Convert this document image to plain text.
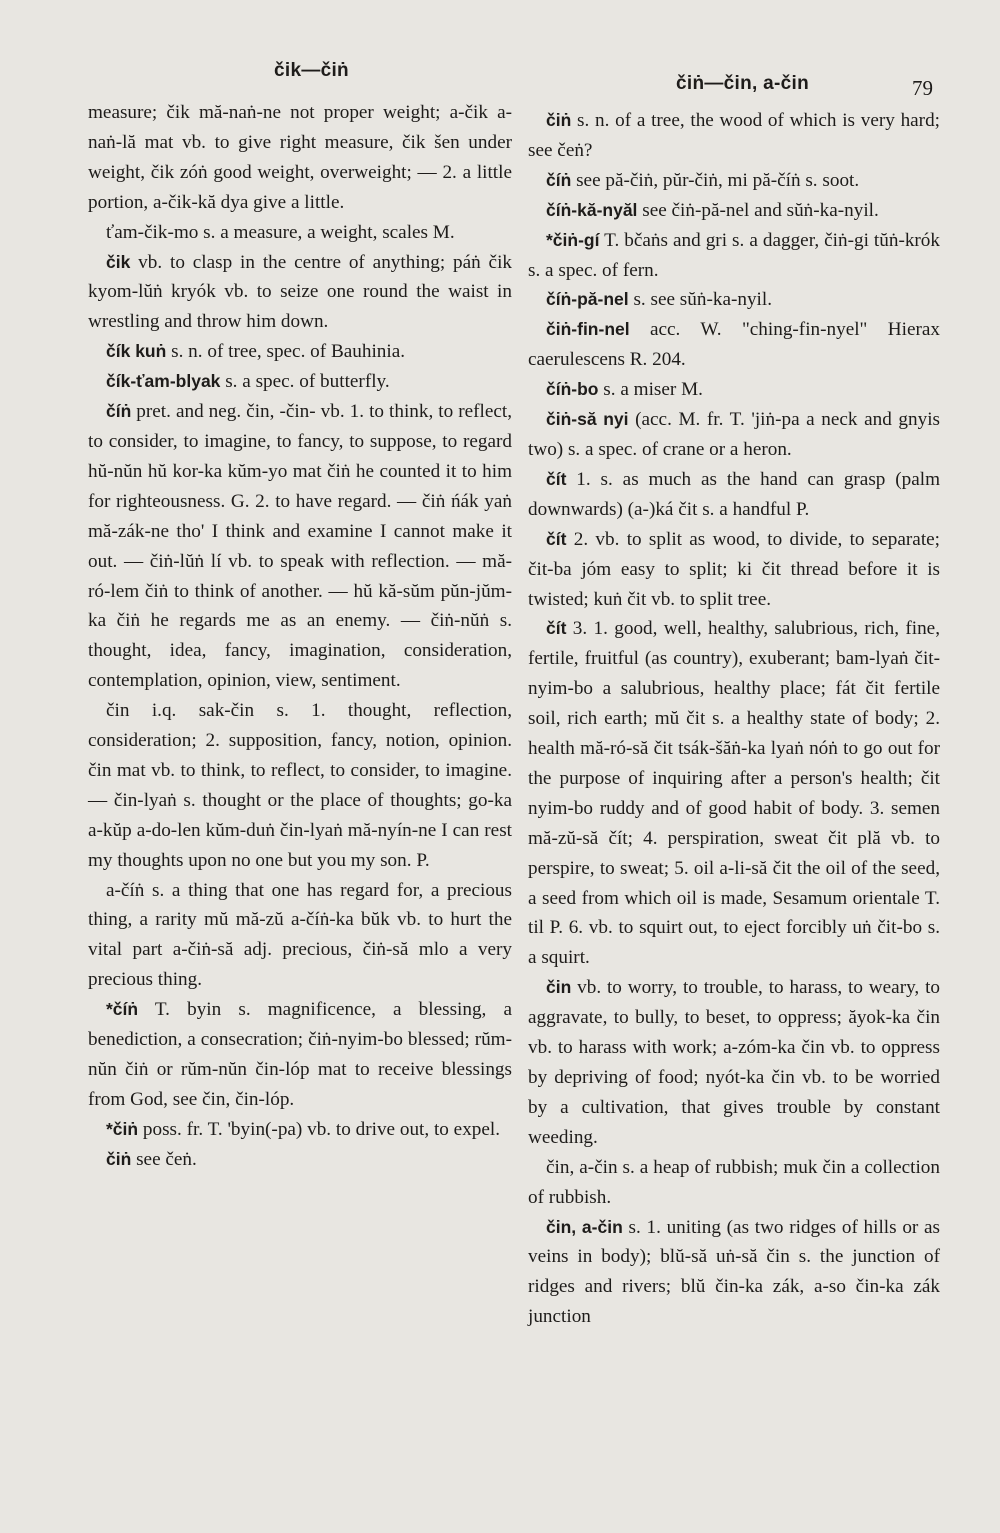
čik—čiṅ
čiṅ—čin, a-čin	79

measure; čik mă-naṅ-ne not proper weight; a-čik a-naṅ-lă mat vb. to give right measure, čik šen under weight, čik zóṅ good weight, overweight; — 2. a little portion, a-čik-kă dya give a little.

ťam-čik-mo s. a measure, a weight, scales M.

čik vb. to clasp in the centre of anything; páṅ čik kyom-lŭṅ kryók vb. to seize one round the waist in wrestling and throw him down.

čík kuṅ s. n. of tree, spec. of Bauhinia.

čík-ťam-blyak s. a spec. of butterfly.

číṅ pret. and neg. čin, -čin- vb. 1. to think, to reflect, to consider, to imagine, to fancy, to suppose, to regard hŭ-nŭn hŭ kor-ka kŭm-yo mat čiṅ he counted it to him for righteousness. G. 2. to have regard. — čiṅ ńák yaṅ mă-zák-ne tho' I think and examine I cannot make it out. — čiṅ-lŭṅ lí vb. to speak with reflection. — mă-ró-lem čiṅ to think of another. — hŭ kă-sŭm pŭn-jŭm-ka čiṅ he regards me as an enemy. — čiṅ-nŭṅ s. thought, idea, fancy, imagination, consideration, contemplation, opinion, view, sentiment.

čin i.q. sak-čin s. 1. thought, reflection, consideration; 2. supposition, fancy, notion, opinion. čin mat vb. to think, to reflect, to consider, to imagine. — čin-lyaṅ s. thought or the place of thoughts; go-ka a-kŭp a-do-len kŭm-duṅ čin-lyaṅ mă-nyín-ne I can rest my thoughts upon no one but you my son. P.

a-číṅ s. a thing that one has regard for, a precious thing, a rarity mŭ mă-zŭ a-číṅ-ka bŭk vb. to hurt the vital part a-čiṅ-să adj. precious, čiṅ-să mlo a very precious thing.

*číṅ T. byin s. magnificence, a blessing, a benediction, a consecration; čiṅ-nyim-bo blessed; rŭm-nŭn čiṅ or rŭm-nŭn čin-lóp mat to receive blessings from God, see čin, čin-lóp.

*čiṅ poss. fr. T. 'byin(-pa) vb. to drive out, to expel.

čiṅ see čeṅ.

čiṅ s. n. of a tree, the wood of which is very hard; see čeṅ?

číṅ see pă-čiṅ, pŭr-čiṅ, mi pă-číṅ s. soot.

číṅ-kă-nyăl see čiṅ-pă-nel and sŭṅ-ka-nyil.

*čiṅ-gí T. bčaṅs and gri s. a dagger, čiṅ-gi tŭṅ-krók s. a spec. of fern.

číṅ-pă-nel s. see sŭṅ-ka-nyil.

čiṅ-fin-nel acc. W. "ching-fin-nyel" Hierax caerulescens R. 204.

číṅ-bo s. a miser M.

čiṅ-să nyi (acc. M. fr. T. 'jiṅ-pa a neck and gnyis two) s. a spec. of crane or a heron.

čít 1. s. as much as the hand can grasp (palm downwards) (a-)ká čit s. a handful P.

čít 2. vb. to split as wood, to divide, to separate; čit-ba jóm easy to split; ki čit thread before it is twisted; kuṅ čit vb. to split tree.

čít 3. 1. good, well, healthy, salubrious, rich, fine, fertile, fruitful (as country), exuberant; bam-lyaṅ čit-nyim-bo a salubrious, healthy place; fát čit fertile soil, rich earth; mŭ čit s. a healthy state of body; 2. health mă-ró-să čit tsák-šăṅ-ka lyaṅ nóṅ to go out for the purpose of inquiring after a person's health; čit nyim-bo ruddy and of good habit of body. 3. semen mă-zŭ-să čít; 4. perspiration, sweat čit plă vb. to perspire, to sweat; 5. oil a-li-să čit the oil of the seed, a seed from which oil is made, Sesamum orientale T. til P. 6. vb. to squirt out, to eject forcibly uṅ čit-bo s. a squirt.

čin vb. to worry, to trouble, to harass, to weary, to aggravate, to bully, to beset, to oppress; ăyok-ka čin vb. to harass with work; a-zóm-ka čin vb. to oppress by depriving of food; nyót-ka čin vb. to be worried by a cultivation, that gives trouble by constant weeding.

čin, a-čin s. a heap of rubbish; muk čin a collection of rubbish.

čin, a-čin s. 1. uniting (as two ridges of hills or as veins in body); blŭ-să uṅ-să čin s. the junction of ridges and rivers; blŭ čin-ka zák, a-so čin-ka zák junction
